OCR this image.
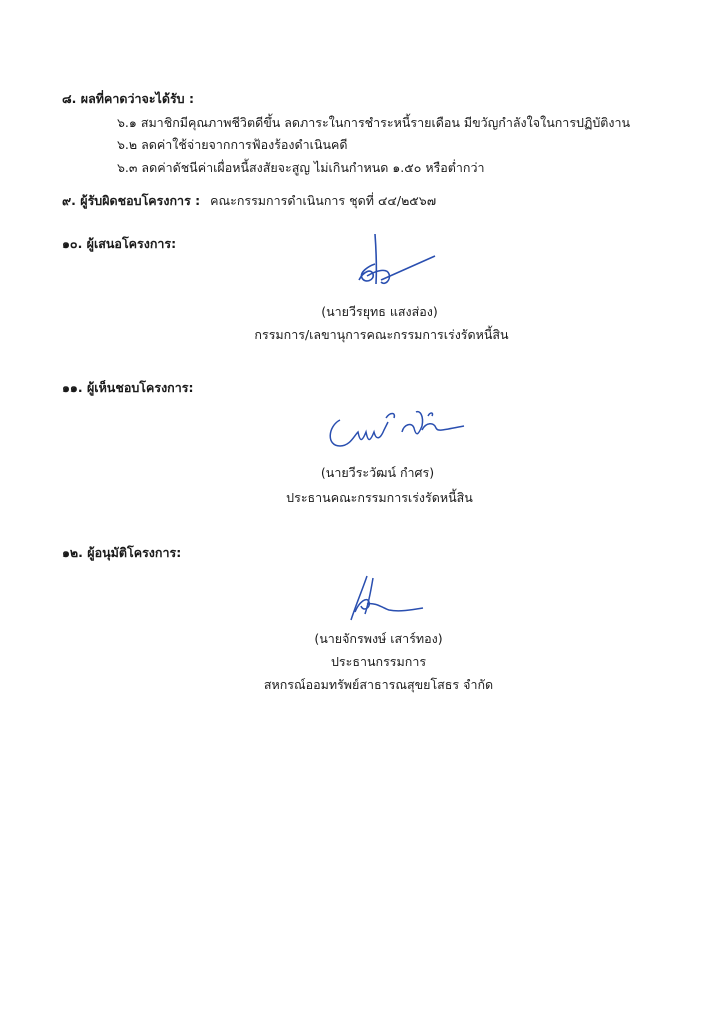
๘. ผลที่คาดว่าจะได้รับ :
๖.๑ สมาชิกมีคุณภาพชีวิตดีขึ้น ลดภาระในการชำระหนี้รายเดือน มีขวัญกำลังใจในการปฏิบัติงาน
๖.๒ ลดค่าใช้จ่ายจากการฟ้องร้องดำเนินคดี
๖.๓ ลดค่าดัชนีค่าเผื่อหนี้สงสัยจะสูญ ไม่เกินกำหนด ๑.๕๐ หรือต่ำกว่า
๙. ผู้รับผิดชอบโครงการ : คณะกรรมการดำเนินการ ชุดที่ ๔๔/๒๕๖๗
๑๐. ผู้เสนอโครงการ:
(นายวีรยุทธ แสงส่อง)
กรรมการ/เลขานุการคณะกรรมการเร่งรัดหนี้สิน
๑๑. ผู้เห็นชอบโครงการ:
(นายวีระวัฒน์ กำศร)
ประธานคณะกรรมการเร่งรัดหนี้สิน
๑๒. ผู้อนุมัติโครงการ:
(นายจักรพงษ์ เสาร์ทอง)
ประธานกรรมการ
สหกรณ์ออมทรัพย์สาธารณสุขยโสธร จำกัด
